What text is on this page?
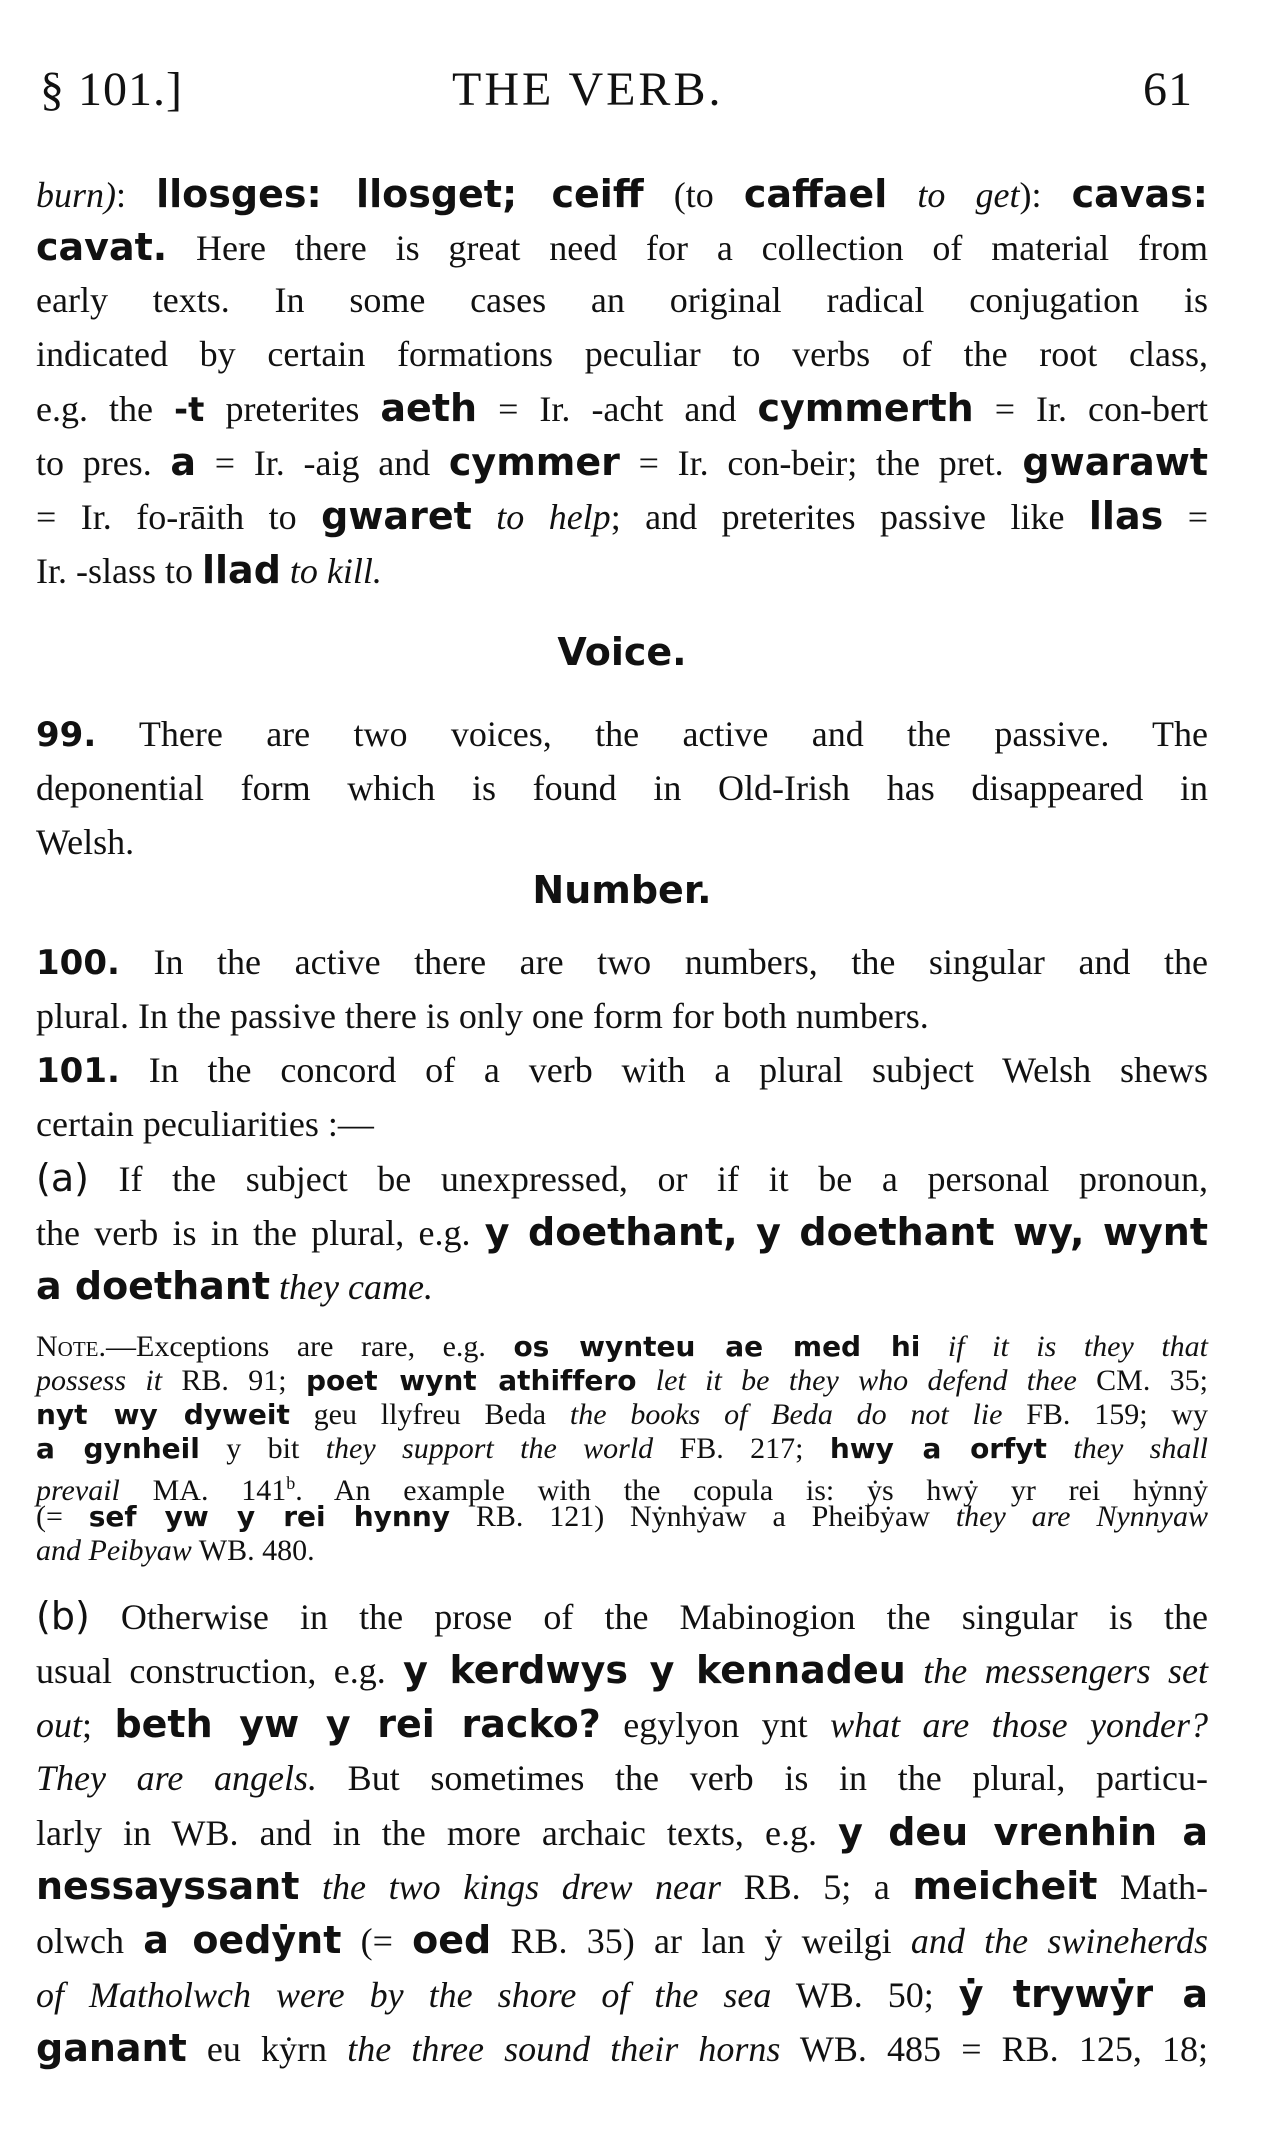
§ 101.]	THE VERB.	61
burn): llosges: llosget; ceiff (to caffael to get): cavas:
cavat. Here there is great need for a collection of material from
early texts. In some cases an original radical conjugation is
indicated by certain formations peculiar to verbs of the root class,
e.g. the -t preterites aeth = Ir. -acht and cymmerth = Ir. con-bert
to pres. a = Ir. -aig and cymmer = Ir. con-beir; the pret. gwarawt
= Ir. fo-rāith to gwaret to help; and preterites passive like llas =
Ir. -slass to llad to kill.
Voice.
99. There are two voices, the active and the passive. The
deponential form which is found in Old-Irish has disappeared in
Welsh.
Number.
100. In the active there are two numbers, the singular and the
plural. In the passive there is only one form for both numbers.
101. In the concord of a verb with a plural subject Welsh shews
certain peculiarities :—
(a) If the subject be unexpressed, or if it be a personal pronoun,
the verb is in the plural, e.g. y doethant, y doethant wy, wynt
a doethant they came.
Note.—Exceptions are rare, e.g. os wynteu ae med hi if it is they that
possess it RB. 91; poet wynt athiffero let it be they who defend thee CM. 35;
nyt wy dyweit geu llyfreu Beda the books of Beda do not lie FB. 159; wy
a gynheil y bit they support the world FB. 217; hwy a orfyt they shall
prevail MA. 141$^b$. An example with the copula is: ẏs hwẏ yr rei hẏnnẏ
(= sef yw y rei hynny RB. 121) Nẏnhẏaw a Pheibẏaw they are Nynnyaw
and Peibyaw WB. 480.
(b) Otherwise in the prose of the Mabinogion the singular is the
usual construction, e.g. y kerdwys y kennadeu the messengers set
out; beth yw y rei racko? egylyon ynt what are those yonder?
They are angels. But sometimes the verb is in the plural, particu-
larly in WB. and in the more archaic texts, e.g. y deu vrenhin a
nessayssant the two kings drew near RB. 5; a meicheit Math-
olwch a oedẏnt (= oed RB. 35) ar lan ẏ weilgi and the swineherds
of Matholwch were by the shore of the sea WB. 50; ẏ trywẏr a
ganant eu kẏrn the three sound their horns WB. 485 = RB. 125, 18;
